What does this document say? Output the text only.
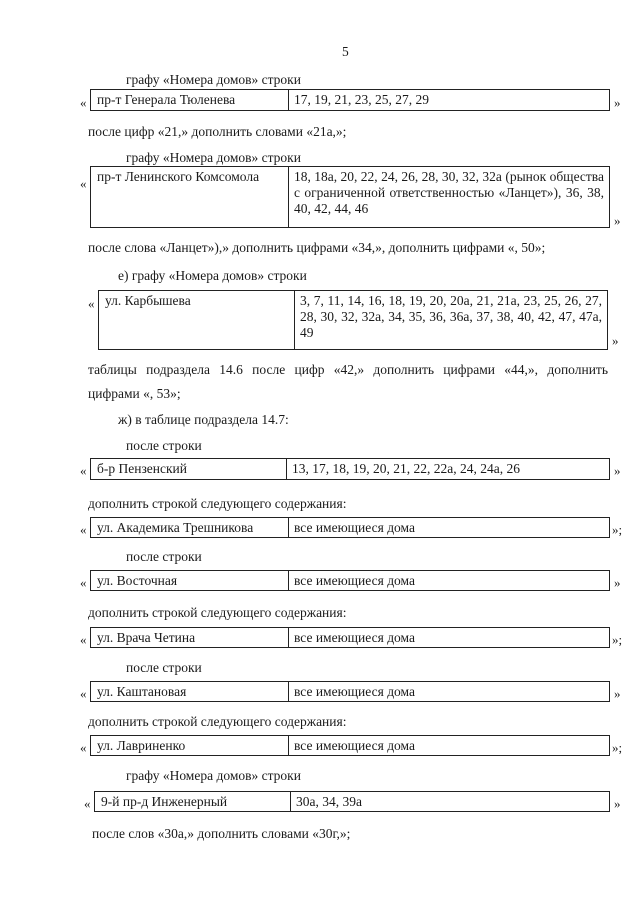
5
графу «Номера домов» строки
« пр-т Генерала Тюленева	17, 19, 21, 23, 25, 27, 29	»
после цифр «21,» дополнить словами «21а,»;
графу «Номера домов» строки
« пр-т Ленинского Комсомола	18, 18а, 20, 22, 24, 26, 28, 30, 32, 32а (рынок общества с ограниченной ответственностью «Ланцет»), 36, 38, 40, 42, 44, 46
»
после слова «Ланцет»),» дополнить цифрами «34,», дополнить цифрами «, 50»;
е) графу «Номера домов» строки
« ул. Карбышева	3, 7, 11, 14, 16, 18, 19, 20, 20а, 21, 21а, 23, 25, 26, 27, 28, 30, 32, 32а, 34, 35, 36, 36а, 37, 38, 40, 42, 47, 47а, 49
»
таблицы подраздела 14.6 после цифр «42,» дополнить цифрами «44,», дополнить цифрами «, 53»;
ж) в таблице подраздела 14.7:
после строки
« б-р Пензенский	13, 17, 18, 19, 20, 21, 22, 22а, 24, 24а, 26	»
дополнить строкой следующего содержания:
« ул. Академика Трешникова	все имеющиеся дома	»;
после строки
« ул. Восточная	все имеющиеся дома	»
дополнить строкой следующего содержания:
« ул. Врача Четина	все имеющиеся дома	»;
после строки
« ул. Каштановая	все имеющиеся дома	»
дополнить строкой следующего содержания:
« ул. Лавриненко	все имеющиеся дома	»;
графу «Номера домов» строки
« 9-й пр-д Инженерный	30а, 34, 39а	»
после слов «30а,» дополнить словами «30г,»;
